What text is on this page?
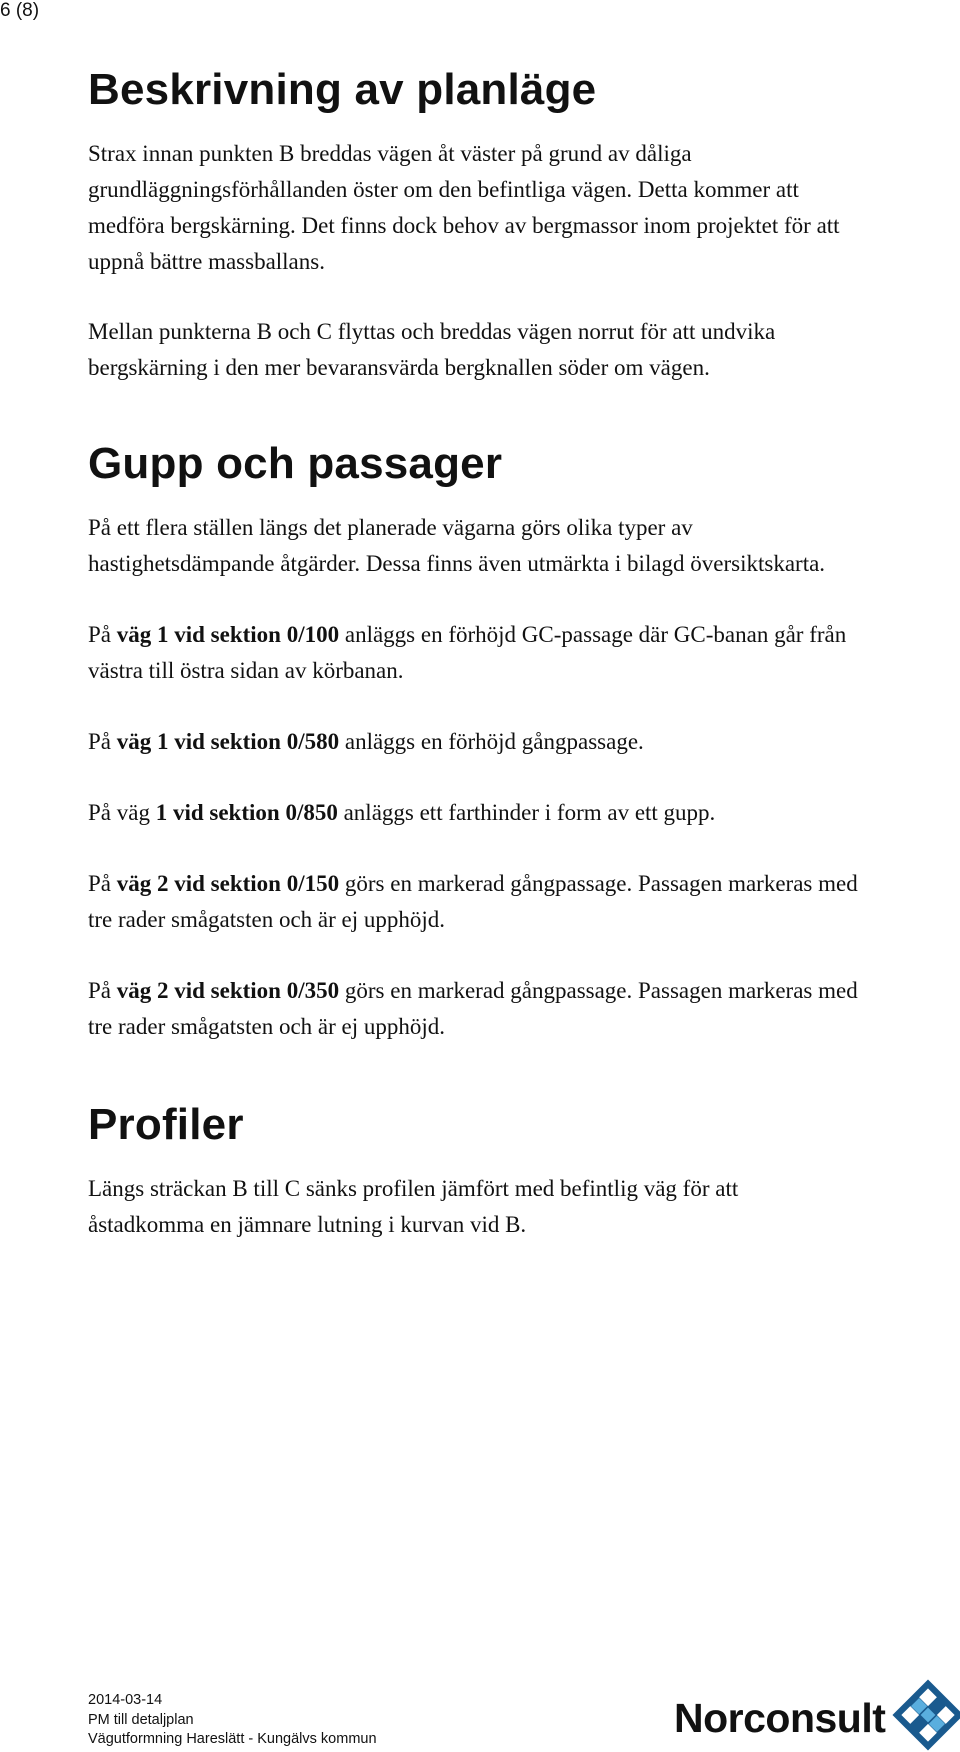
6 (8)
Beskrivning av planläge

Strax innan punkten B breddas vägen åt väster på grund av dåliga
grundläggningsförhållanden öster om den befintliga vägen. Detta kommer att
medföra bergskärning. Det finns dock behov av bergmassor inom projektet för att
uppnå bättre massballans.

Mellan punkterna B och C flyttas och breddas vägen norrut för att undvika
bergskärning i den mer bevaransvärda bergknallen söder om vägen.

Gupp och passager

På ett flera ställen längs det planerade vägarna görs olika typer av
hastighetsdämpande åtgärder. Dessa finns även utmärkta i bilagd översiktskarta.

På väg 1 vid sektion 0/100 anläggs en förhöjd GC-passage där GC-banan går från
västra till östra sidan av körbanan.

På väg 1 vid sektion 0/580 anläggs en förhöjd gångpassage.

På väg 1 vid sektion 0/850 anläggs ett farthinder i form av ett gupp.

På väg 2 vid sektion 0/150 görs en markerad gångpassage. Passagen markeras med
tre rader smågatsten och är ej upphöjd.

På väg 2 vid sektion 0/350 görs en markerad gångpassage. Passagen markeras med
tre rader smågatsten och är ej upphöjd.

Profiler

Längs sträckan B till C sänks profilen jämfört med befintlig väg för att
åstadkomma en jämnare lutning i kurvan vid B.

2014-03-14
PM till detaljplan
Vägutformning Hareslätt - Kungälvs kommun	Norconsult
